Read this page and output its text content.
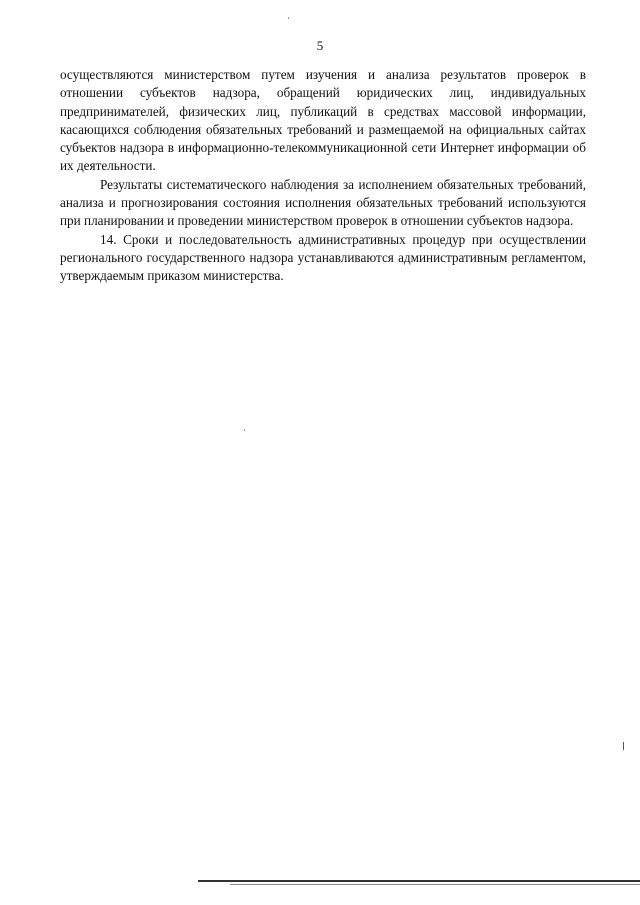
5

осуществляются министерством путем изучения и анализа результатов проверок в отношении субъектов надзора, обращений юридических лиц, индивидуальных предпринимателей, физических лиц, публикаций в средствах массовой информации, касающихся соблюдения обязательных требований и размещаемой на официальных сайтах субъектов надзора в информационно-телекоммуникационной сети Интернет информации об их деятельности.

Результаты систематического наблюдения за исполнением обязательных требований, анализа и прогнозирования состояния исполнения обязательных требований используются при планировании и проведении министерством проверок в отношении субъектов надзора.

14. Сроки и последовательность административных процедур при осуществлении регионального государственного надзора устанавливаются административным регламентом, утверждаемым приказом министерства.
